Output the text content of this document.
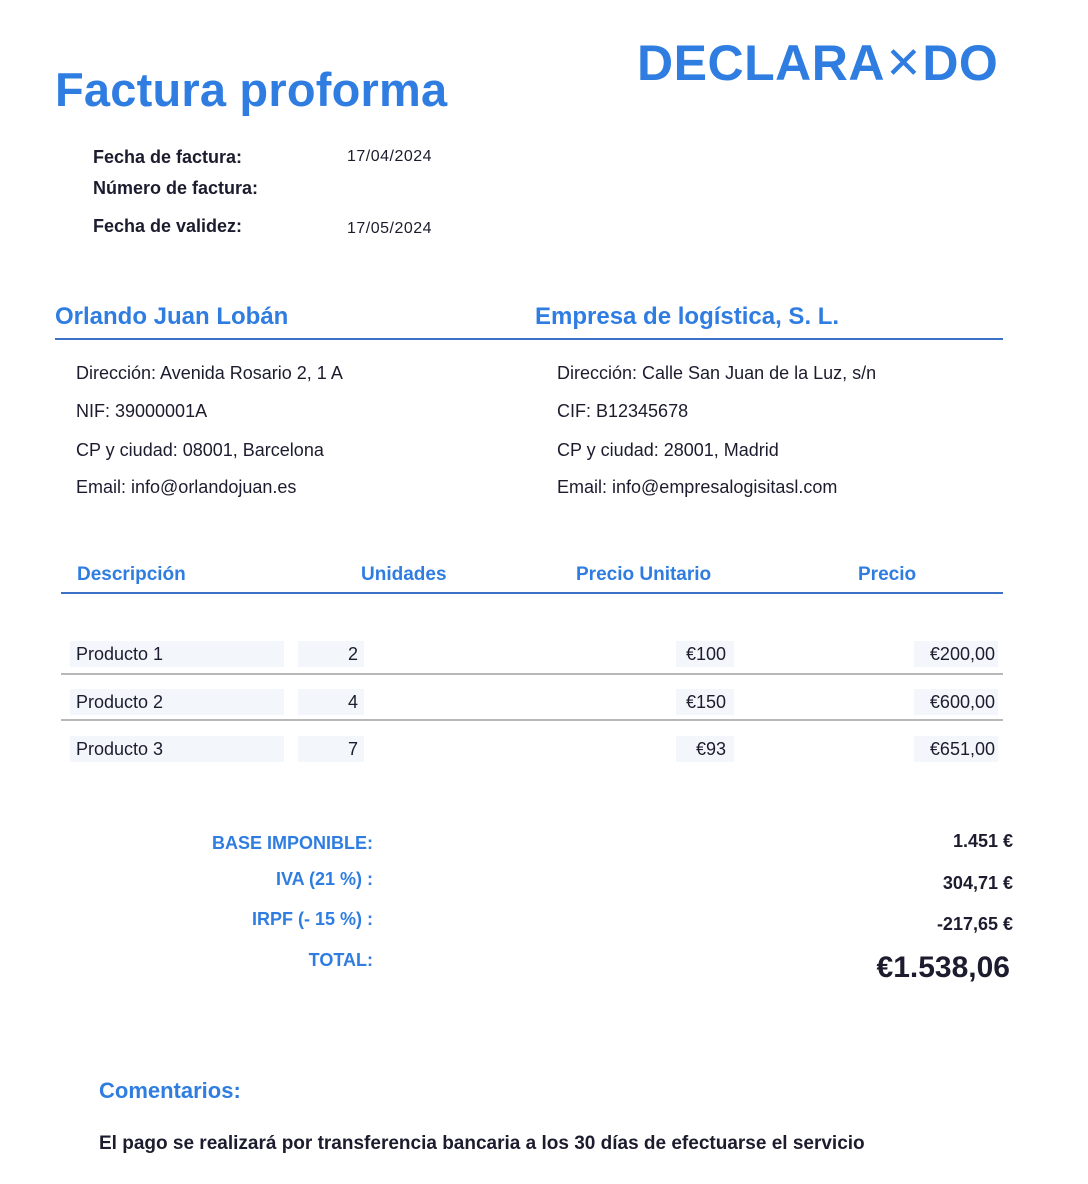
Factura proforma	DECLARA✕DO
Fecha de factura:	17/04/2024
Número de factura:
Fecha de validez:	17/05/2024
Orlando Juan Lobán	Empresa de logística, S. L.
Dirección: Avenida Rosario 2, 1 A
NIF: 39000001A
CP y ciudad: 08001, Barcelona
Email: info@orlandojuan.es
Dirección: Calle San Juan de la Luz, s/n
CIF: B12345678
CP y ciudad: 28001, Madrid
Email: info@empresalogisitasl.com
Descripción	Unidades	Precio Unitario	Precio
Producto 1	2	€100	€200,00
Producto 2	4	€150	€600,00
Producto 3	7	€93	€651,00
BASE IMPONIBLE:	1.451 €
IVA (21 %) :	304,71 €
IRPF (- 15 %) :	-217,65 €
TOTAL:	€1.538,06
Comentarios:
El pago se realizará por transferencia bancaria a los 30 días de efectuarse el servicio
